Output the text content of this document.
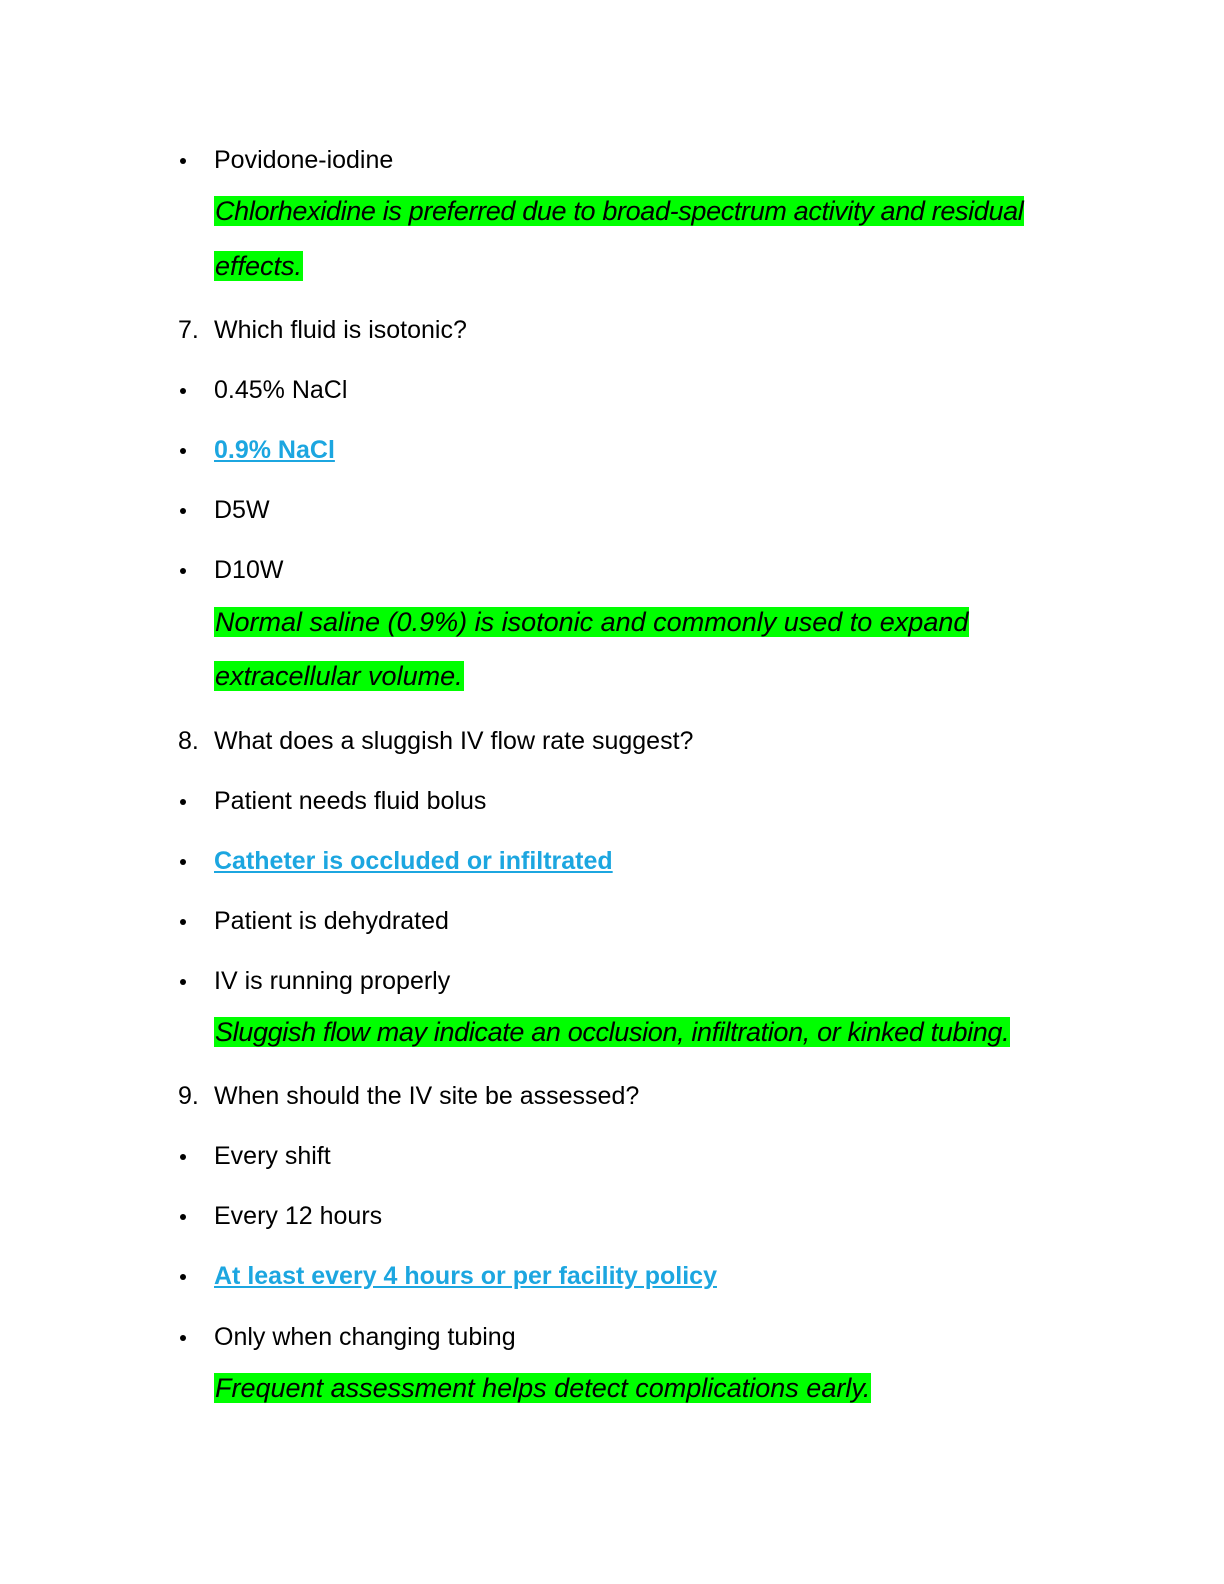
Povidone-iodine
Chlorhexidine is preferred due to broad-spectrum activity and residual
effects.
7. Which fluid is isotonic?
0.45% NaCl
0.9% NaCl
D5W
D10W
Normal saline (0.9%) is isotonic and commonly used to expand
extracellular volume.
8. What does a sluggish IV flow rate suggest?
Patient needs fluid bolus
Catheter is occluded or infiltrated
Patient is dehydrated
IV is running properly
Sluggish flow may indicate an occlusion, infiltration, or kinked tubing.
9. When should the IV site be assessed?
Every shift
Every 12 hours
At least every 4 hours or per facility policy
Only when changing tubing
Frequent assessment helps detect complications early.
